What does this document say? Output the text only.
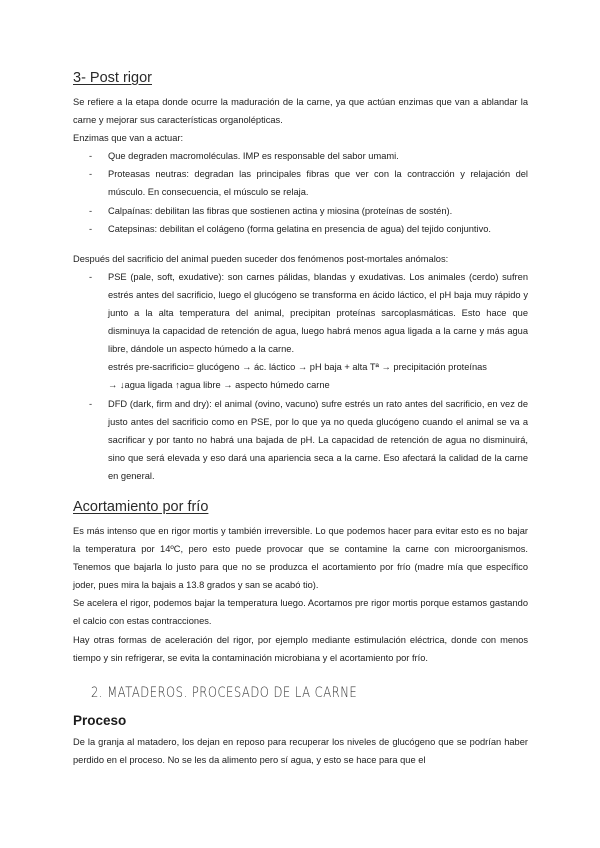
3- Post rigor

Se refiere a la etapa donde ocurre la maduración de la carne, ya que actúan enzimas que van a ablandar la carne y mejorar sus características organolépticas.

Enzimas que van a actuar:

- Que degraden macromoléculas. IMP es responsable del sabor umami.
- Proteasas neutras: degradan las principales fibras que ver con la contracción y relajación del músculo. En consecuencia, el músculo se relaja.
- Calpaínas: debilitan las fibras que sostienen actina y miosina (proteínas de sostén).
- Catepsinas: debilitan el colágeno (forma gelatina en presencia de agua) del tejido conjuntivo.

Después del sacrificio del animal pueden suceder dos fenómenos post-mortales anómalos:

- PSE (pale, soft, exudative): son carnes pálidas, blandas y exudativas. Los animales (cerdo) sufren estrés antes del sacrificio, luego el glucógeno se transforma en ácido láctico, el pH baja muy rápido y junto a la alta temperatura del animal, precipitan proteínas sarcoplasmáticas. Esto hace que disminuya la capacidad de retención de agua, luego habrá menos agua ligada a la carne y más agua libre, dándole un aspecto húmedo a la carne.
estrés pre-sacrificio= glucógeno → ác. láctico → pH baja + alta Tª → precipitación proteínas
→ ↓agua ligada ↑agua libre → aspecto húmedo carne
- DFD (dark, firm and dry): el animal (ovino, vacuno) sufre estrés un rato antes del sacrificio, en vez de justo antes del sacrificio como en PSE, por lo que ya no queda glucógeno cuando el animal se va a sacrificar y por tanto no habrá una bajada de pH. La capacidad de retención de agua no disminuirá, sino que será elevada y eso dará una apariencia seca a la carne. Eso afectará la calidad de la carne en general.
Acortamiento por frío

Es más intenso que en rigor mortis y también irreversible. Lo que podemos hacer para evitar esto es no bajar la temperatura por 14ºC, pero esto puede provocar que se contamine la carne con microorganismos. Tenemos que bajarla lo justo para que no se produzca el acortamiento por frío (madre mía que específico joder, pues mira la bajais a 13.8 grados y san se acabó tio).

Se acelera el rigor, podemos bajar la temperatura luego. Acortamos pre rigor mortis porque estamos gastando el calcio con estas contracciones.

Hay otras formas de aceleración del rigor, por ejemplo mediante estimulación eléctrica, donde con menos tiempo y sin refrigerar, se evita la contaminación microbiana y el acortamiento por frío.

2. MATADEROS. PROCESADO DE LA CARNE
Proceso

De la granja al matadero, los dejan en reposo para recuperar los niveles de glucógeno que se podrían haber perdido en el proceso. No se les da alimento pero sí agua, y esto se hace para que el
